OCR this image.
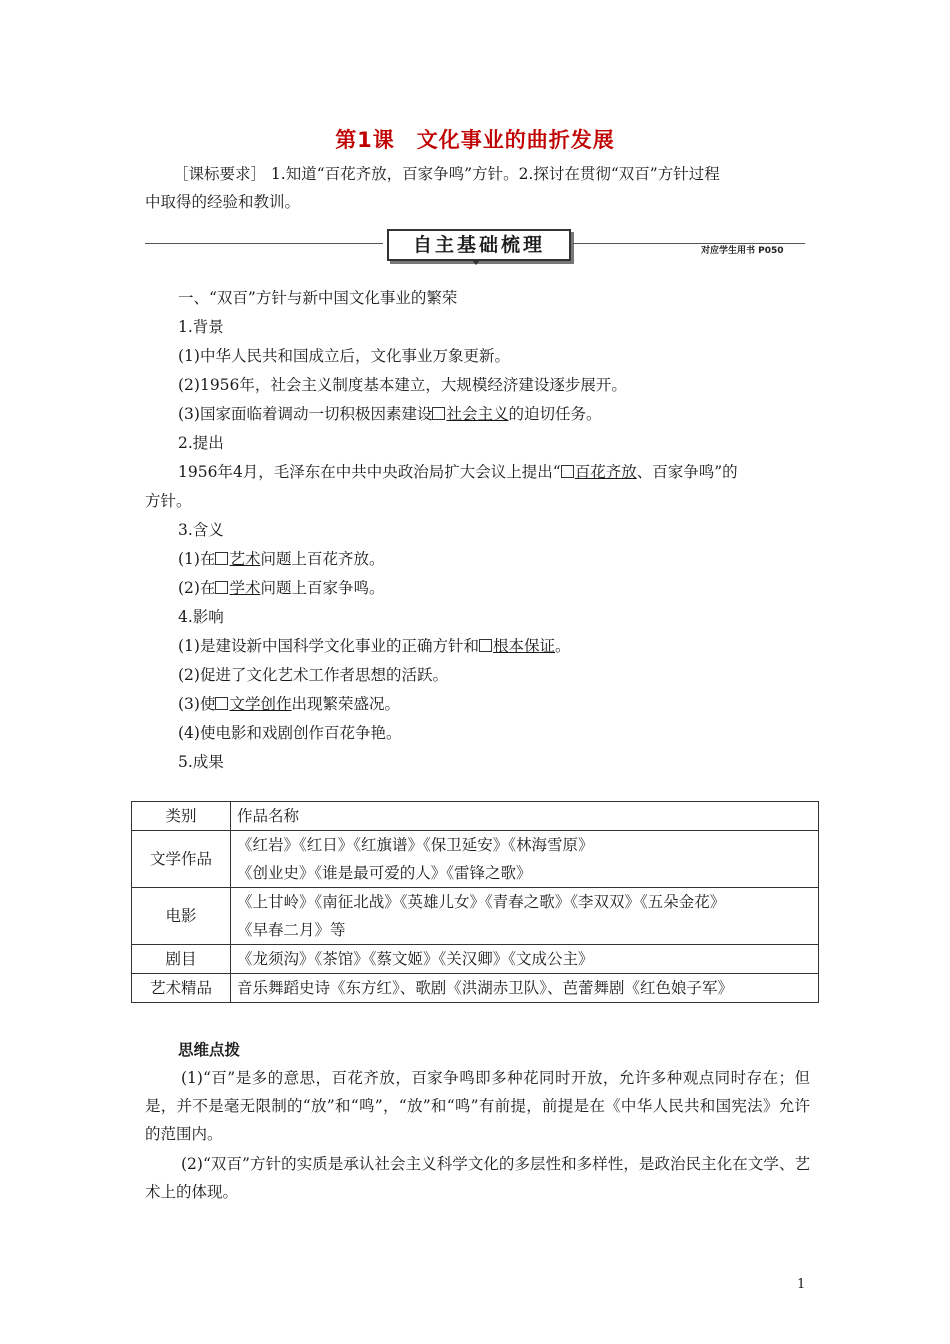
第1课　文化事业的曲折发展
［课标要求］ 1.知道“百花齐放，百家争鸣”方针。2.探讨在贯彻“双百”方针过程
中取得的经验和教训。
自主基础梳理	对应学生用书 P050
一、“双百”方针与新中国文化事业的繁荣
1.背景
(1)中华人民共和国成立后，文化事业万象更新。
(2)1956年，社会主义制度基本建立，大规模经济建设逐步展开。
(3)国家面临着调动一切积极因素建设 社会主义的迫切任务。
2.提出
1956年4月，毛泽东在中共中央政治局扩大会议上提出“ 百花齐放、百家争鸣”的
方针。
3.含义
(1)在 艺术问题上百花齐放。
(2)在 学术问题上百家争鸣。
4.影响
(1)是建设新中国科学文化事业的正确方针和 根本保证。
(2)促进了文化艺术工作者思想的活跃。
(3)使 文学创作出现繁荣盛况。
(4)使电影和戏剧创作百花争艳。
5.成果
类别	作品名称
文学作品	《红岩》《红日》《红旗谱》《保卫延安》《林海雪原》
《创业史》《谁是最可爱的人》《雷锋之歌》

电影	《上甘岭》《南征北战》《英雄儿女》《青春之歌》《李双双》《五朵金花》
《早春二月》等

剧目	《龙须沟》《茶馆》《蔡文姬》《关汉卿》《文成公主》
艺术精品	音乐舞蹈史诗《东方红》、歌剧《洪湖赤卫队》、芭蕾舞剧《红色娘子军》
思维点拨
(1)“百”是多的意思，百花齐放，百家争鸣即多种花同时开放，允许多种观点同时存在；但是，并不是毫无限制的“放”和“鸣”，“放”和“鸣”有前提，前提是在《中华人民共和国宪法》允许的范围内。
(2)“双百”方针的实质是承认社会主义科学文化的多层性和多样性，是政治民主化在文学、艺术上的体现。
1
